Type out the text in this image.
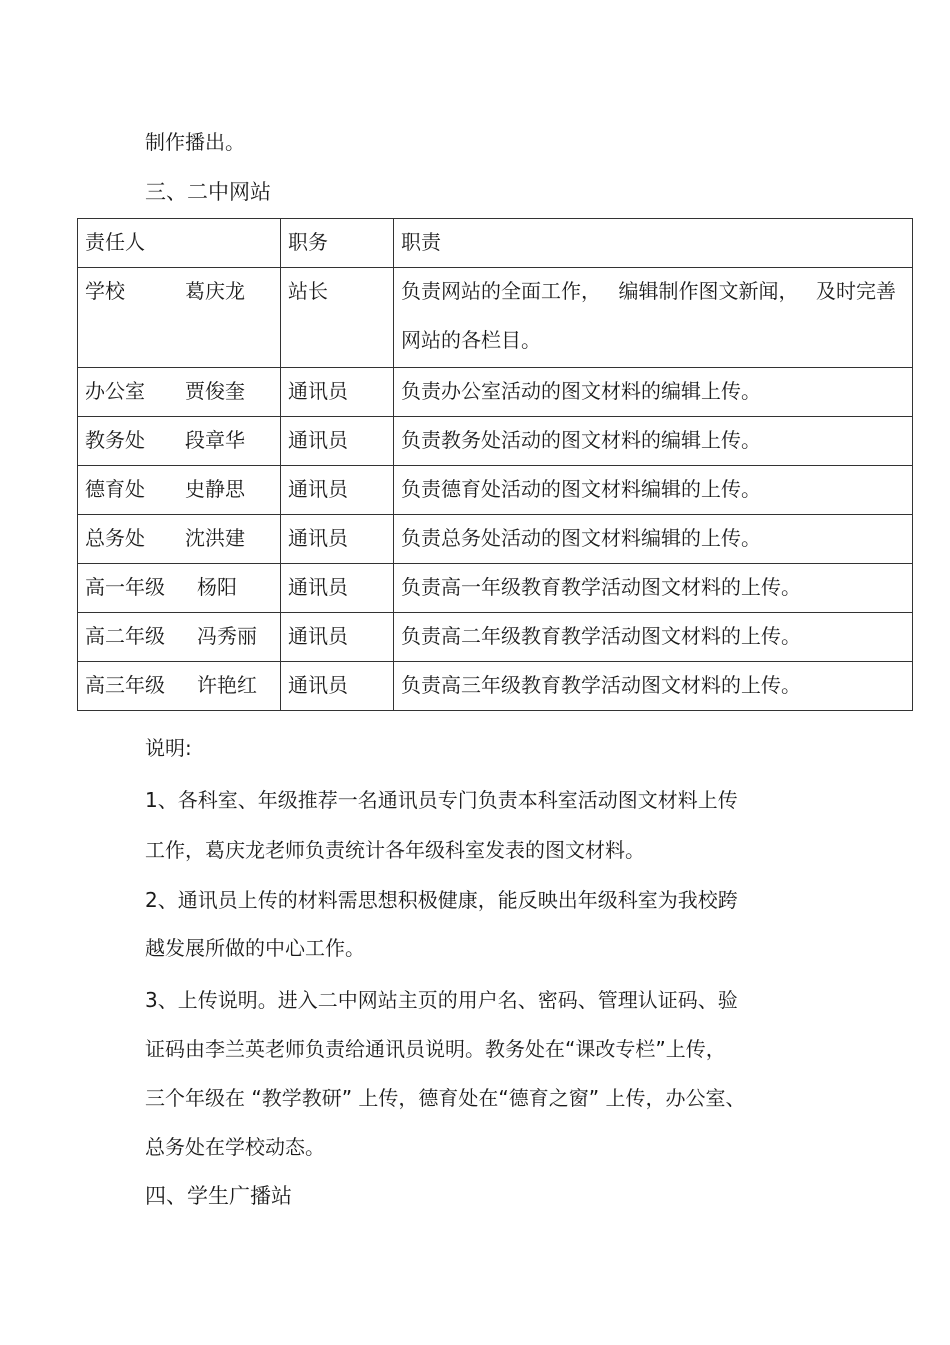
制作播出。
三、二中网站
责任人	职务	职责

学校 葛庆龙	站长	负责网站的全面工作， 编辑制作图文新闻， 及时完善
网站的各栏目。

办公室 贾俊奎	通讯员	负责办公室活动的图文材料的编辑上传。

教务处 段章华	通讯员	负责教务处活动的图文材料的编辑上传。

德育处 史静思	通讯员	负责德育处活动的图文材料编辑的上传。

总务处 沈洪建	通讯员	负责总务处活动的图文材料编辑的上传。

高一年级 杨阳	通讯员	负责高一年级教育教学活动图文材料的上传。

高二年级 冯秀丽	通讯员	负责高二年级教育教学活动图文材料的上传。

高三年级 许艳红	通讯员	负责高三年级教育教学活动图文材料的上传。
说明:
1、各科室、年级推荐一名通讯员专门负责本科室活动图文材料上传
工作，葛庆龙老师负责统计各年级科室发表的图文材料。
2、通讯员上传的材料需思想积极健康，能反映出年级科室为我校跨
越发展所做的中心工作。
3、上传说明。进入二中网站主页的用户名、密码、管理认证码、验
证码由李兰英老师负责给通讯员说明。教务处在“课改专栏”上传，
三个年级在 “教学教研” 上传，德育处在“德育之窗” 上传，办公室、
总务处在学校动态。
四、学生广播站
